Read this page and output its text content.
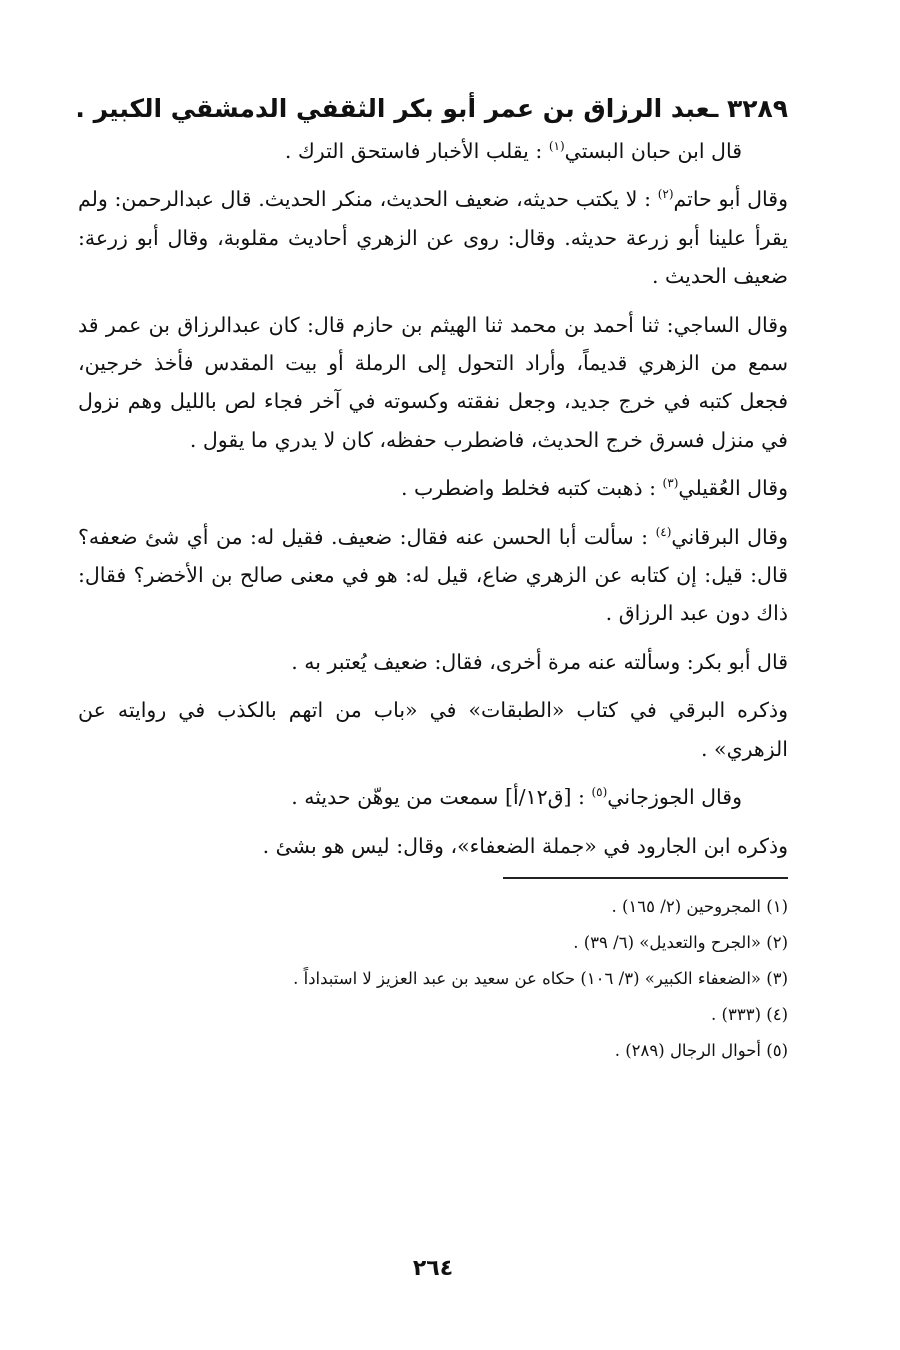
٣٢٨٩ ـعبد الرزاق بن عمر أبو بكر الثقفي الدمشقي الكبير .

قال ابن حبان البستي$^{(١)}$ : يقلب الأخبار فاستحق الترك .

وقال أبو حاتم$^{(٢)}$ : لا يكتب حديثه، ضعيف الحديث، منكر الحديث. قال عبدالرحمن: ولم يقرأ علينا أبو زرعة حديثه. وقال: روى عن الزهري أحاديث مقلوبة، وقال أبو زرعة: ضعيف الحديث .

وقال الساجي: ثنا أحمد بن محمد ثنا الهيثم بن حازم قال: كان عبدالرزاق بن عمر قد سمع من الزهري قديماً، وأراد التحول إلى الرملة أو بيت المقدس فأخذ خرجين، فجعل كتبه في خرج جديد، وجعل نفقته وكسوته في آخر فجاء لص بالليل وهم نزول في منزل فسرق خرج الحديث، فاضطرب حفظه، كان لا يدري ما يقول .

وقال العُقيلي$^{(٣)}$ : ذهبت كتبه فخلط واضطرب .

وقال البرقاني$^{(٤)}$ : سألت أبا الحسن عنه فقال: ضعيف. فقيل له: من أي شئ ضعفه؟ قال: قيل: إن كتابه عن الزهري ضاع، قيل له: هو في معنى صالح بن الأخضر؟ فقال: ذاك دون عبد الرزاق .

قال أبو بكر: وسألته عنه مرة أخرى، فقال: ضعيف يُعتبر به .

وذكره البرقي في كتاب «الطبقات» في «باب من اتهم بالكذب في روايته عن الزهري» .

وقال الجوزجاني$^{(٥)}$ : [ق١٢/أ] سمعت من يوهّن حديثه .

وذكره ابن الجارود في «جملة الضعفاء»، وقال: ليس هو بشئ .

(١) المجروحين (٢/ ١٦٥) .
(٢) «الجرح والتعديل» (٦/ ٣٩) .
(٣) «الضعفاء الكبير» (٣/ ١٠٦) حكاه عن سعيد بن عبد العزيز لا استبداداً .
(٤) (٣٣٣) .
(٥) أحوال الرجال (٢٨٩) .
٢٦٤
